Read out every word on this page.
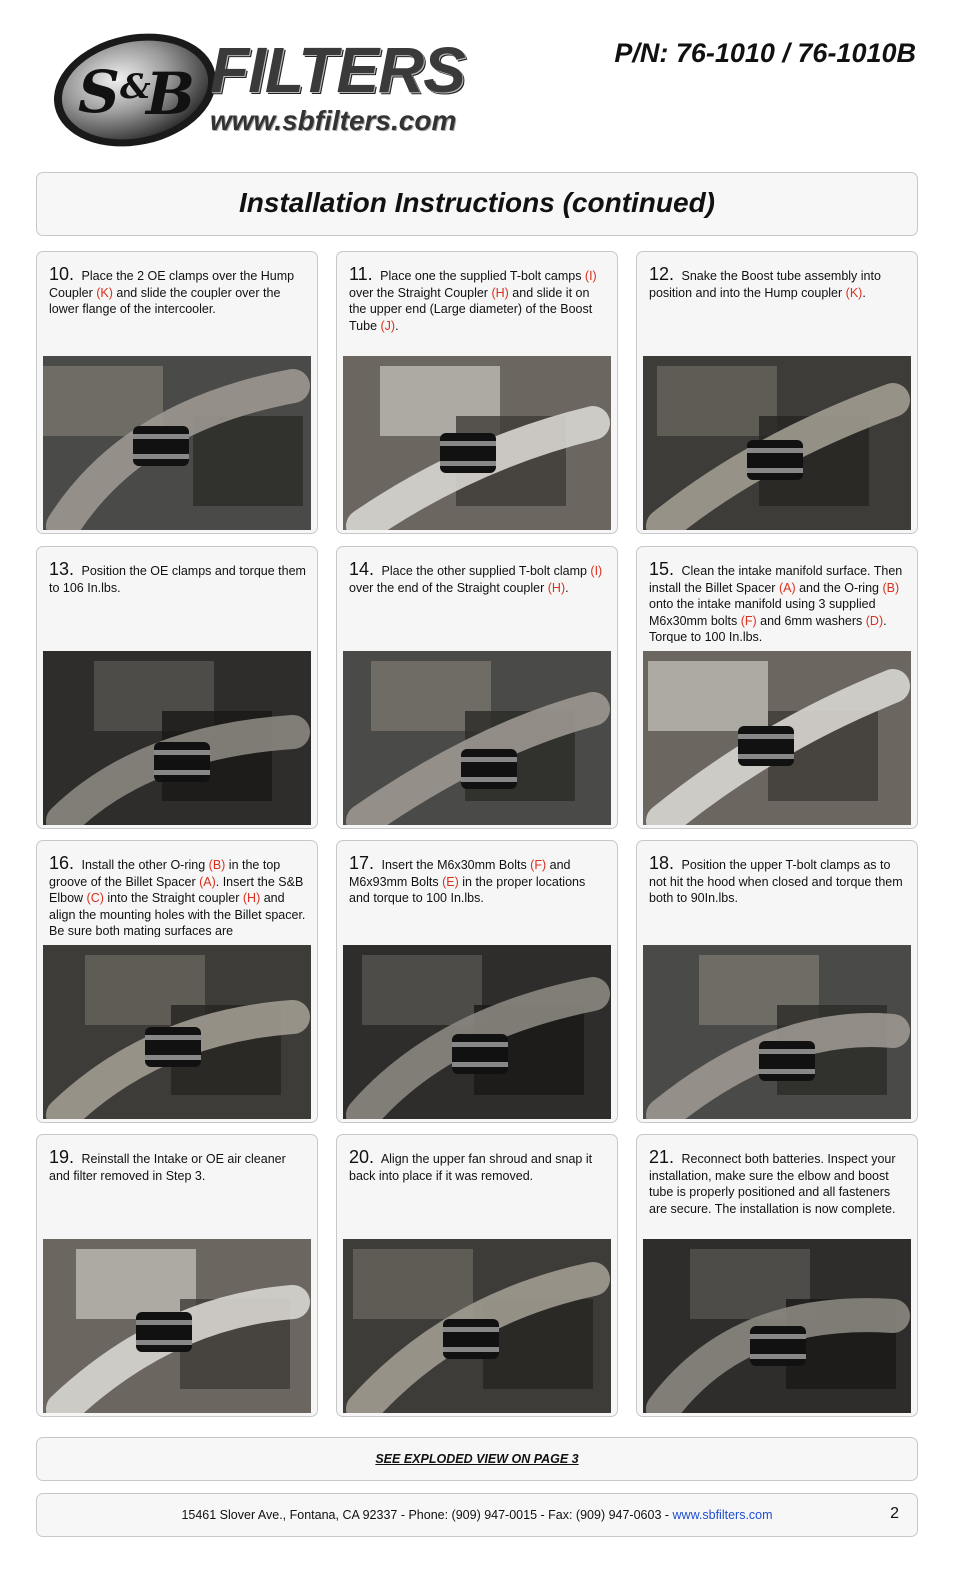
S &
B FILTERS
www.sbfilters.com
P/N: 76-1010 / 76-1010B
Installation Instructions (continued)
10. Place the 2 OE clamps over the Hump Coupler (K) and slide the coupler over the lower flange of the intercooler.
11. Place one the supplied T-bolt camps (I) over the Straight Coupler (H) and slide it on the upper end (Large diameter) of the Boost Tube (J).
12. Snake the Boost tube assembly into position and into the Hump coupler (K).
13. Position the OE clamps and torque them to 106 In.lbs.
14. Place the other supplied T-bolt clamp (I) over the end of the Straight coupler (H).
15. Clean the intake manifold surface. Then install the Billet Spacer (A) and the O-ring (B) onto the intake manifold using 3 supplied M6x30mm bolts (F) and 6mm washers (D). Torque to 100 In.lbs.
16. Install the other O-ring (B) in the top groove of the Billet Spacer (A). Insert the S&B Elbow (C) into the Straight coupler (H) and align the mounting holes with the Billet spacer. Be sure both mating surfaces are
17. Insert the M6x30mm Bolts (F) and M6x93mm Bolts (E) in the proper locations and torque to 100 In.lbs.
18. Position the upper T-bolt clamps as to not hit the hood when closed and torque them both to 90In.lbs.
19. Reinstall the Intake or OE air cleaner and filter removed in Step 3.
20. Align the upper fan shroud and snap it back into place if it was removed.
21. Reconnect both batteries. Inspect your installation, make sure the elbow and boost tube is properly positioned and all fasteners are secure. The installation is now complete.
SEE EXPLODED VIEW ON PAGE 3
15461 Slover Ave., Fontana, CA 92337 - Phone: (909) 947-0015 - Fax: (909) 947-0603 - www.sbfilters.com	2
